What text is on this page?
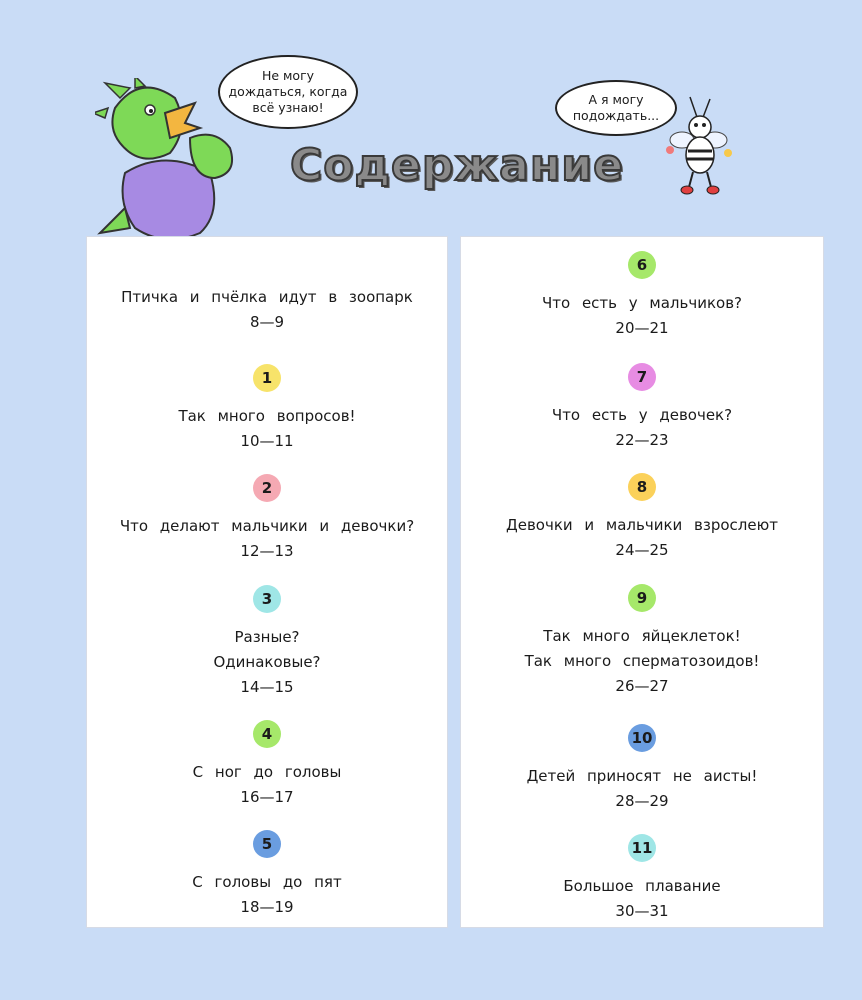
Не могу
дождаться, когда
всё узнаю!
А я могу
подождать...
Содержание
Птичка и пчёлка идут в зоопарк
8—9
1
Так много вопросов!
10—11
2
Что делают мальчики и девочки?
12—13
3
Разные?
Одинаковые?
14—15
4
С ног до головы
16—17
5
С головы до пят
18—19
6
Что есть у мальчиков?
20—21
7
Что есть у девочек?
22—23
8
Девочки и мальчики взрослеют
24—25
9
Так много яйцеклеток!
Так много сперматозоидов!
26—27
10
Детей приносят не аисты!
28—29
11
Большое плавание
30—31
